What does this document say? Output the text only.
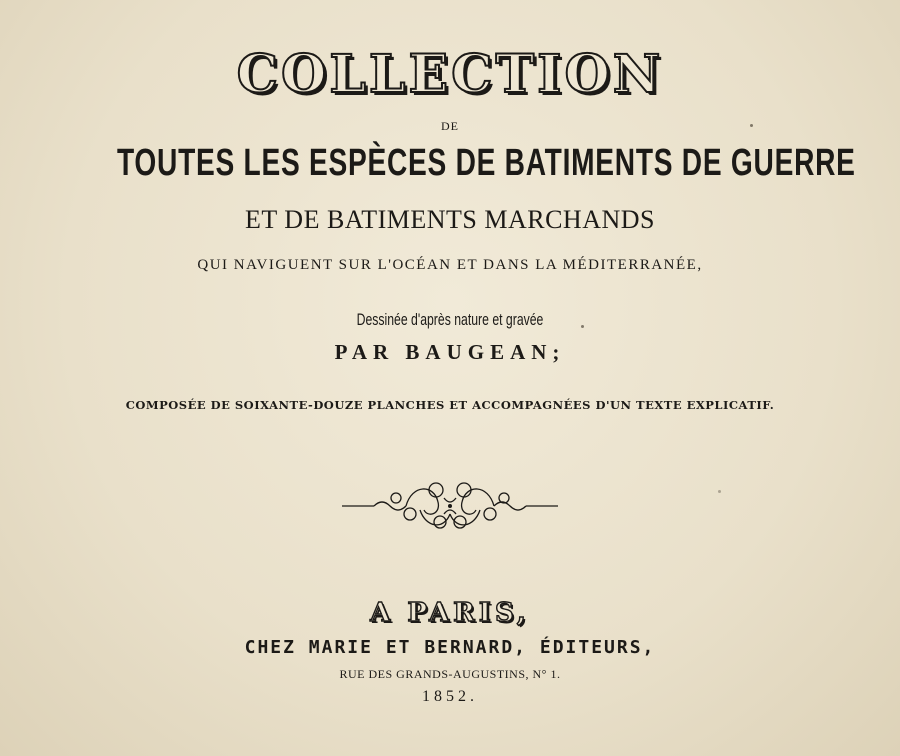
COLLECTION
DE
TOUTES LES ESPÈCES DE BATIMENTS DE GUERRE
ET DE BATIMENTS MARCHANDS
QUI NAVIGUENT SUR L'OCÉAN ET DANS LA MÉDITERRANÉE,
Dessinée d'après nature et gravée
PAR BAUGEAN;
COMPOSÉE DE SOIXANTE-DOUZE PLANCHES ET ACCOMPAGNÉES D'UN TEXTE EXPLICATIF.
A PARIS,
CHEZ MARIE ET BERNARD, ÉDITEURS,
RUE DES GRANDS-AUGUSTINS, N° 1.
1852.
